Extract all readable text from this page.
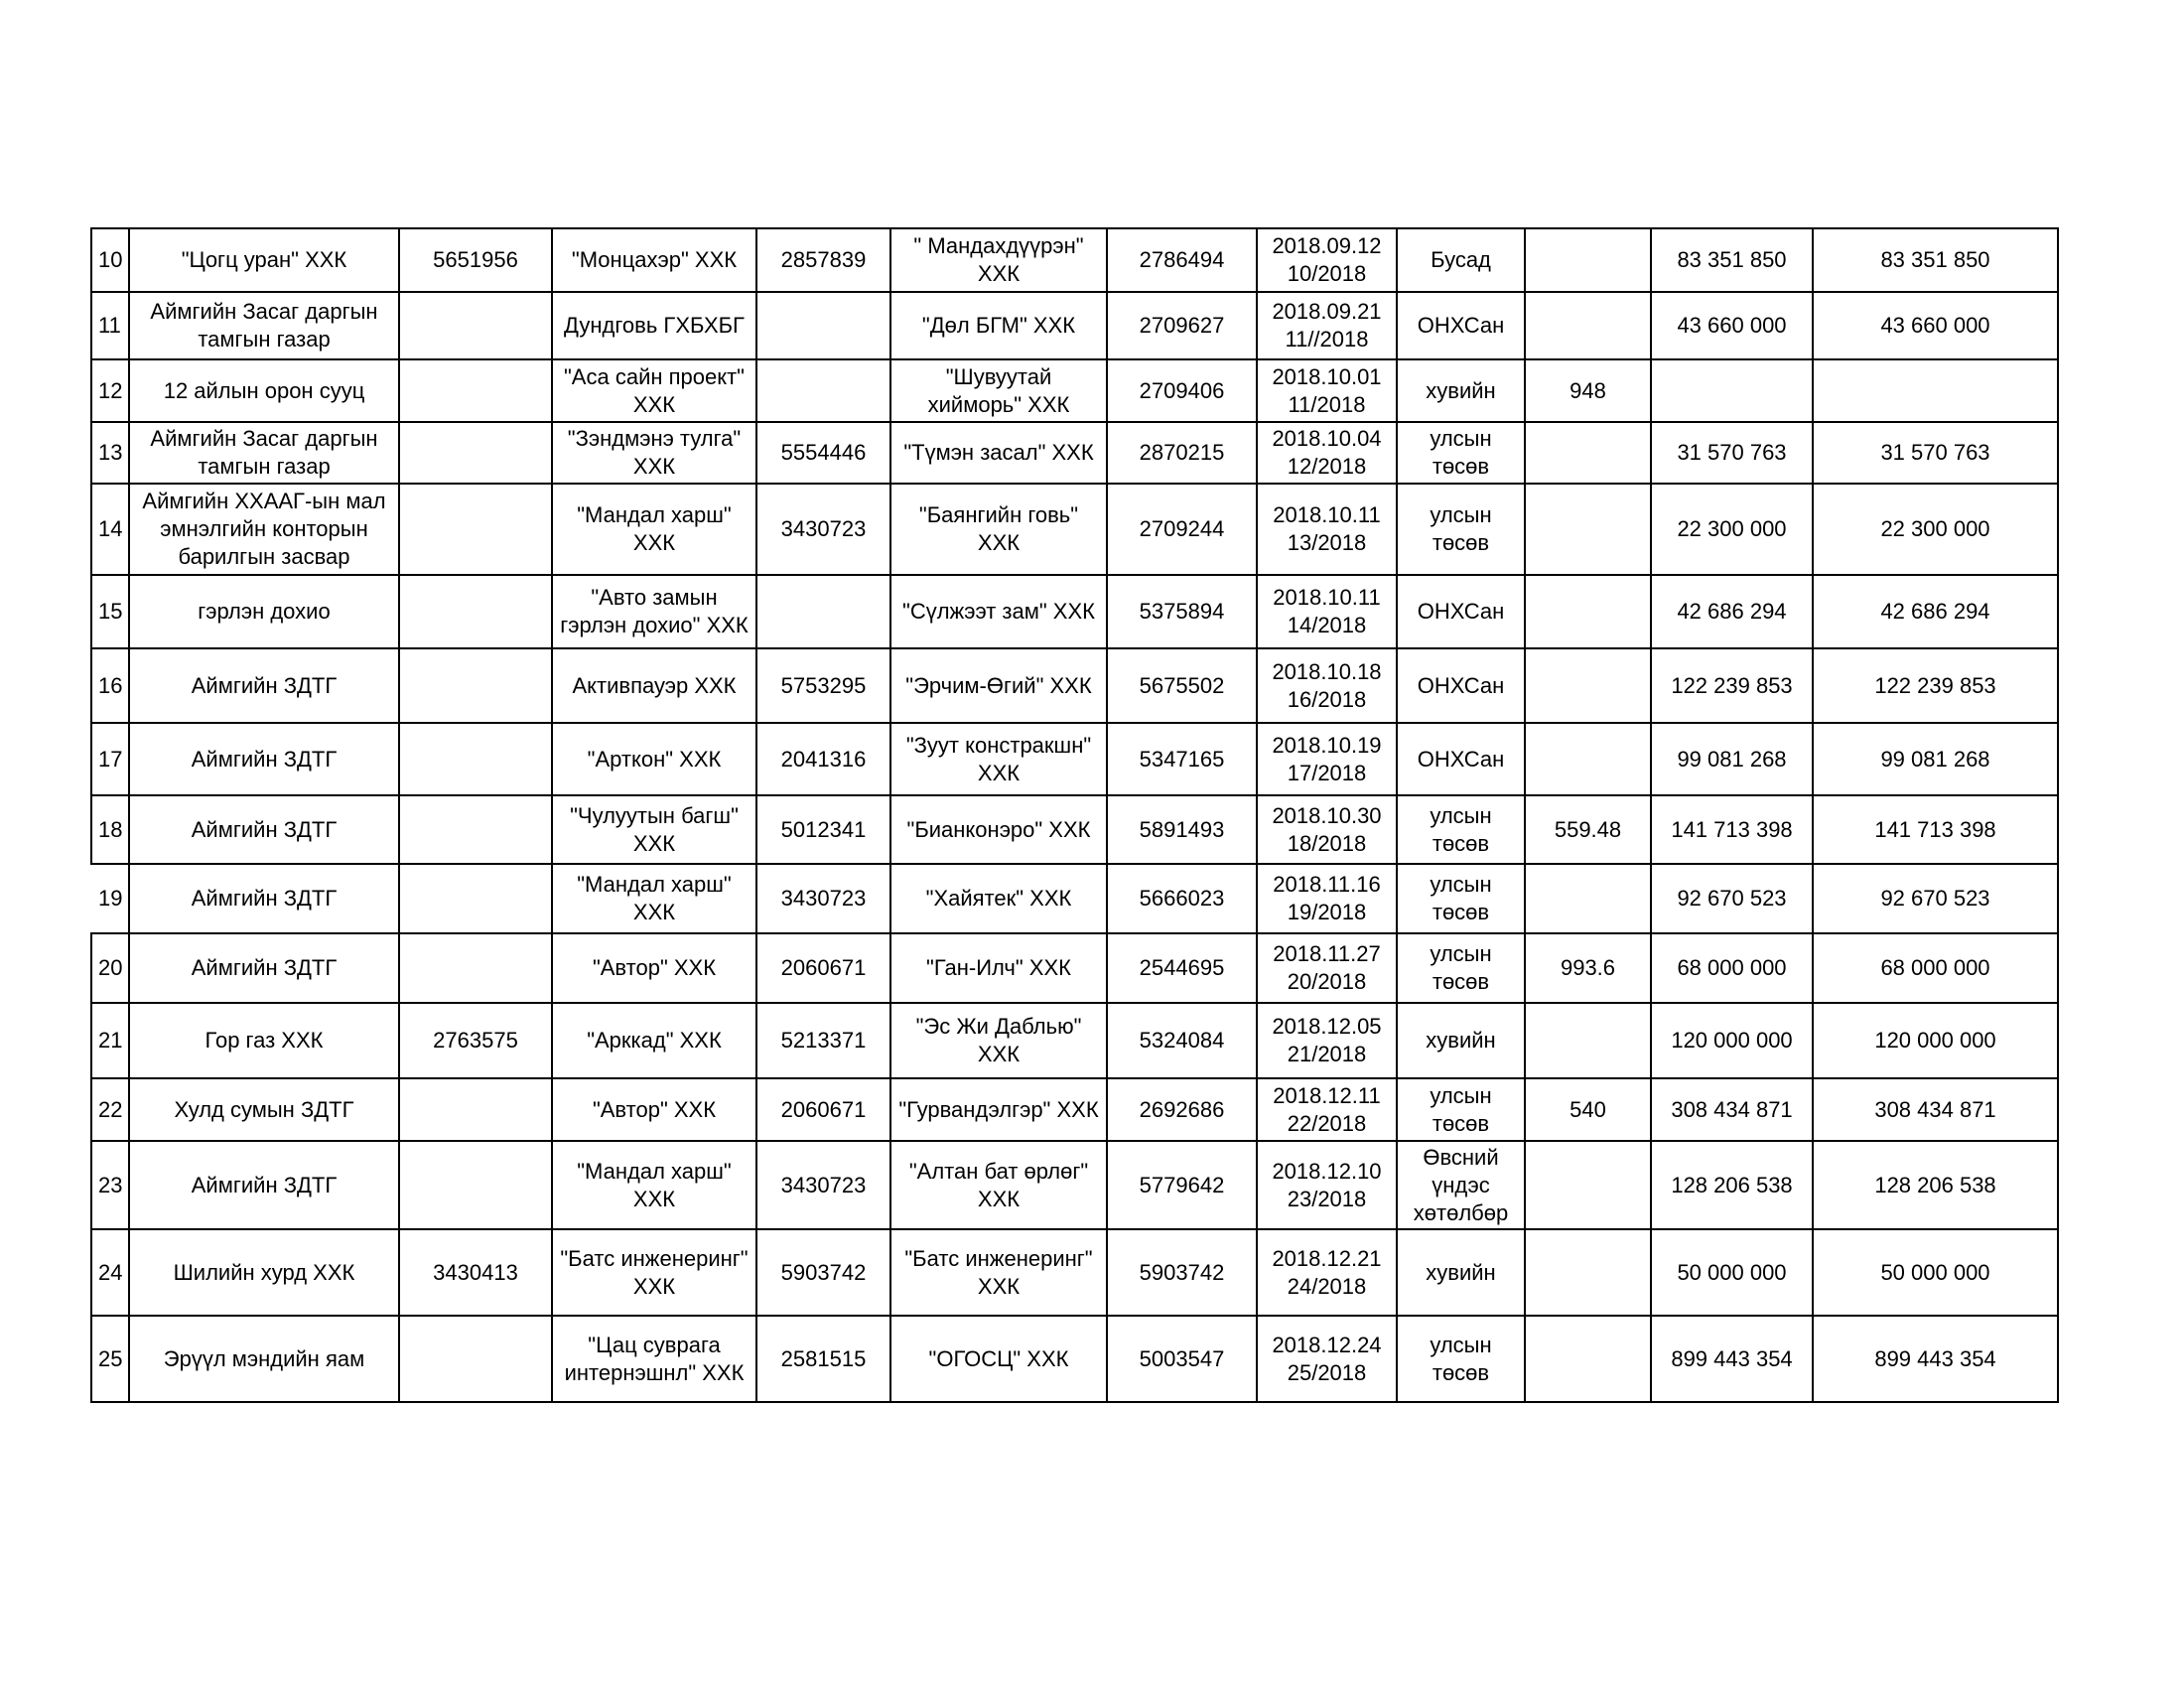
10	"Цогц уран" ХХК	5651956	"Монцахэр" ХХК	2857839	" Мандахдүүрэн"
ХХК	2786494	2018.09.12
10/2018	Бусад		83 351 850	83 351 850
11	Аймгийн Засаг даргын
тамгын газар		Дундговь ГХБХБГ		"Дөл БГМ" ХХК	2709627	2018.09.21
11//2018	ОНХСан		43 660 000	43 660 000
12	12 айлын орон сууц		"Аса сайн проект"
ХХК		"Шувуутай
хийморь" ХХК	2709406	2018.10.01
11/2018	хувийн	948		
13	Аймгийн Засаг даргын
тамгын газар		"Зэндмэнэ тулга"
ХХК	5554446	"Түмэн засал" ХХК	2870215	2018.10.04
12/2018	улсын
төсөв		31 570 763	31 570 763
14	Аймгийн ХХААГ-ын мал
эмнэлгийн конторын
барилгын засвар		"Мандал харш"
ХХК	3430723	"Баянгийн говь"
ХХК	2709244	2018.10.11
13/2018	улсын
төсөв		22 300 000	22 300 000
15	гэрлэн дохио		"Авто замын
гэрлэн дохио" ХХК		"Сүлжээт зам" ХХК	5375894	2018.10.11
14/2018	ОНХСан		42 686 294	42 686 294
16	Аймгийн ЗДТГ		Активпауэр ХХК	5753295	"Эрчим-Өгий" ХХК	5675502	2018.10.18
16/2018	ОНХСан		122 239 853	122 239 853
17	Аймгийн ЗДТГ		"Арткон" ХХК	2041316	"Зуут констракшн"
ХХК	5347165	2018.10.19
17/2018	ОНХСан		99 081 268	99 081 268
18	Аймгийн ЗДТГ		"Чулуутын багш"
ХХК	5012341	"Бианконэро" ХХК	5891493	2018.10.30
18/2018	улсын
төсөв	559.48	141 713 398	141 713 398
19	Аймгийн ЗДТГ		"Мандал харш"
ХХК	3430723	"Хайятек" ХХК	5666023	2018.11.16
19/2018	улсын
төсөв		92 670 523	92 670 523
20	Аймгийн ЗДТГ		"Автор" ХХК	2060671	"Ган-Илч" ХХК	2544695	2018.11.27
20/2018	улсын
төсөв	993.6	68 000 000	68 000 000
21	Гор газ ХХК	2763575	"Арккад" ХХК	5213371	"Эс Жи Даблью"
ХХК	5324084	2018.12.05
21/2018	хувийн		120 000 000	120 000 000
22	Хулд сумын ЗДТГ		"Автор" ХХК	2060671	"Гурвандэлгэр" ХХК	2692686	2018.12.11
22/2018	улсын
төсөв	540	308 434 871	308 434 871
23	Аймгийн ЗДТГ		"Мандал харш"
ХХК	3430723	"Алтан бат өрлөг"
ХХК	5779642	2018.12.10
23/2018	Өвсний
үндэс
хөтөлбөр		128 206 538	128 206 538
24	Шилийн хурд ХХК	3430413	"Батс инженеринг"
ХХК	5903742	"Батс инженеринг"
ХХК	5903742	2018.12.21
24/2018	хувийн		50 000 000	50 000 000
25	Эрүүл мэндийн яам		"Цац суврага
интернэшнл" ХХК	2581515	"ОГОСЦ" ХХК	5003547	2018.12.24
25/2018	улсын
төсөв		899 443 354	899 443 354
